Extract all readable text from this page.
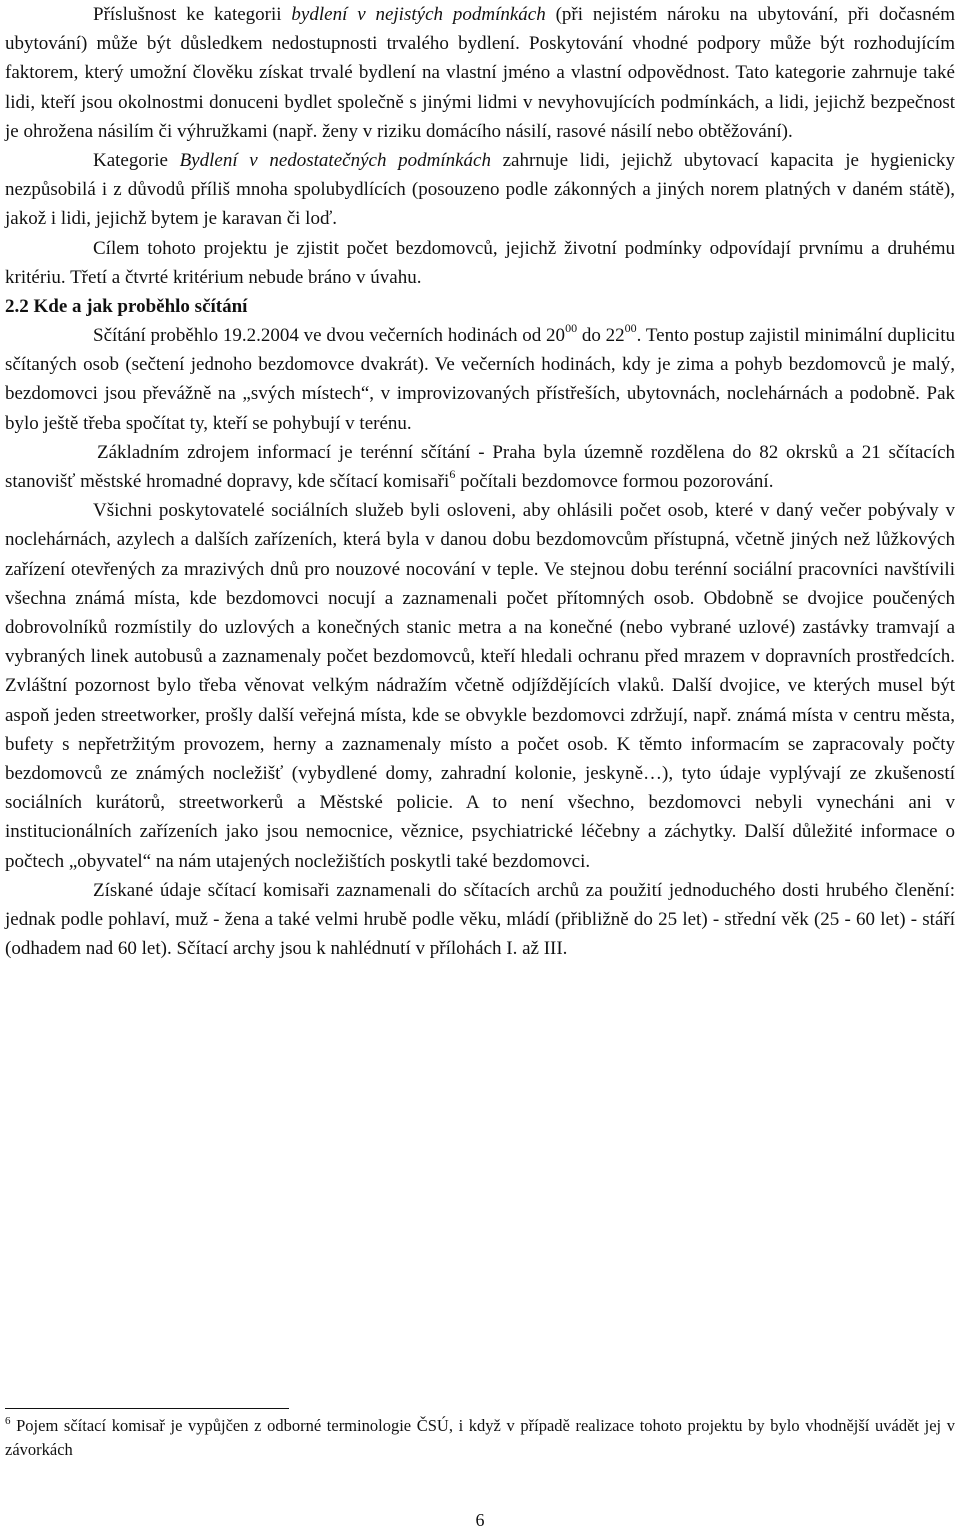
Příslušnost ke kategorii bydlení v nejistých podmínkách (při nejistém nároku na ubytování, při dočasném ubytování) může být důsledkem nedostupnosti trvalého bydlení. Poskytování vhodné podpory může být rozhodujícím faktorem, který umožní člověku získat trvalé bydlení na vlastní jméno a vlastní odpovědnost. Tato kategorie zahrnuje také lidi, kteří jsou okolnostmi donuceni bydlet společně s jinými lidmi v nevyhovujících podmínkách, a lidi, jejichž bezpečnost je ohrožena násilím či výhružkami (např. ženy v riziku domácího násilí, rasové násilí nebo obtěžování).

Kategorie Bydlení v nedostatečných podmínkách zahrnuje lidi, jejichž ubytovací kapacita je hygienicky nezpůsobilá i z důvodů příliš mnoha spolubydlících (posouzeno podle zákonných a jiných norem platných v daném státě), jakož i lidi, jejichž bytem je karavan či loď.

Cílem tohoto projektu je zjistit počet bezdomovců, jejichž životní podmínky odpovídají prvnímu a druhému kritériu. Třetí a čtvrté kritérium nebude bráno v úvahu.

2.2 Kde a jak proběhlo sčítání

Sčítání proběhlo 19.2.2004 ve dvou večerních hodinách od $20^{00}$ do $22^{00}$. Tento postup zajistil minimální duplicitu sčítaných osob (sečtení jednoho bezdomovce dvakrát). Ve večerních hodinách, kdy je zima a pohyb bezdomovců je malý, bezdomovci jsou převážně na „svých místech“, v improvizovaných přístřeších, ubytovnách, noclehárnách a podobně. Pak bylo ještě třeba spočítat ty, kteří se pohybují v terénu.

Základním zdrojem informací je terénní sčítání - Praha byla územně rozdělena do 82 okrsků a 21 sčítacích stanovišť městské hromadné dopravy, kde sčítací komisaři$^6$ počítali bezdomovce formou pozorování.

Všichni poskytovatelé sociálních služeb byli osloveni, aby ohlásili počet osob, které v daný večer pobývaly v noclehárnách, azylech a dalších zařízeních, která byla v danou dobu bezdomovcům přístupná, včetně jiných než lůžkových zařízení otevřených za mrazivých dnů pro nouzové nocování v teple. Ve stejnou dobu terénní sociální pracovníci navštívili všechna známá místa, kde bezdomovci nocují a zaznamenali počet přítomných osob. Obdobně se dvojice poučených dobrovolníků rozmístily do uzlových a konečných stanic metra a na konečné (nebo vybrané uzlové) zastávky tramvají a vybraných linek autobusů a zaznamenaly počet bezdomovců, kteří hledali ochranu před mrazem v dopravních prostředcích. Zvláštní pozornost bylo třeba věnovat velkým nádražím včetně odjíždějících vlaků. Další dvojice, ve kterých musel být aspoň jeden streetworker, prošly další veřejná místa, kde se obvykle bezdomovci zdržují, např. známá místa v centru města, bufety s nepřetržitým provozem, herny a zaznamenaly místo a počet osob. K těmto informacím se zapracovaly počty bezdomovců ze známých nocležišť (vybydlené domy, zahradní kolonie, jeskyně…), tyto údaje vyplývají ze zkušeností sociálních kurátorů, streetworkerů a Městské policie. A to není všechno, bezdomovci nebyli vynecháni ani v institucionálních zařízeních jako jsou nemocnice, věznice, psychiatrické léčebny a záchytky. Další důležité informace o počtech „obyvatel“ na nám utajených nocležištích poskytli také bezdomovci.

Získané údaje sčítací komisaři zaznamenali do sčítacích archů za použití jednoduchého dosti hrubého členění: jednak podle pohlaví, muž - žena a také velmi hrubě podle věku, mládí (přibližně do 25 let) - střední věk (25 - 60 let) - stáří (odhadem nad 60 let). Sčítací archy jsou k nahlédnutí v přílohách I. až III.

$^6$ Pojem sčítací komisař je vypůjčen z odborné terminologie ČSÚ, i když v případě realizace tohoto projektu by bylo vhodnější uvádět jej v závorkách
6
